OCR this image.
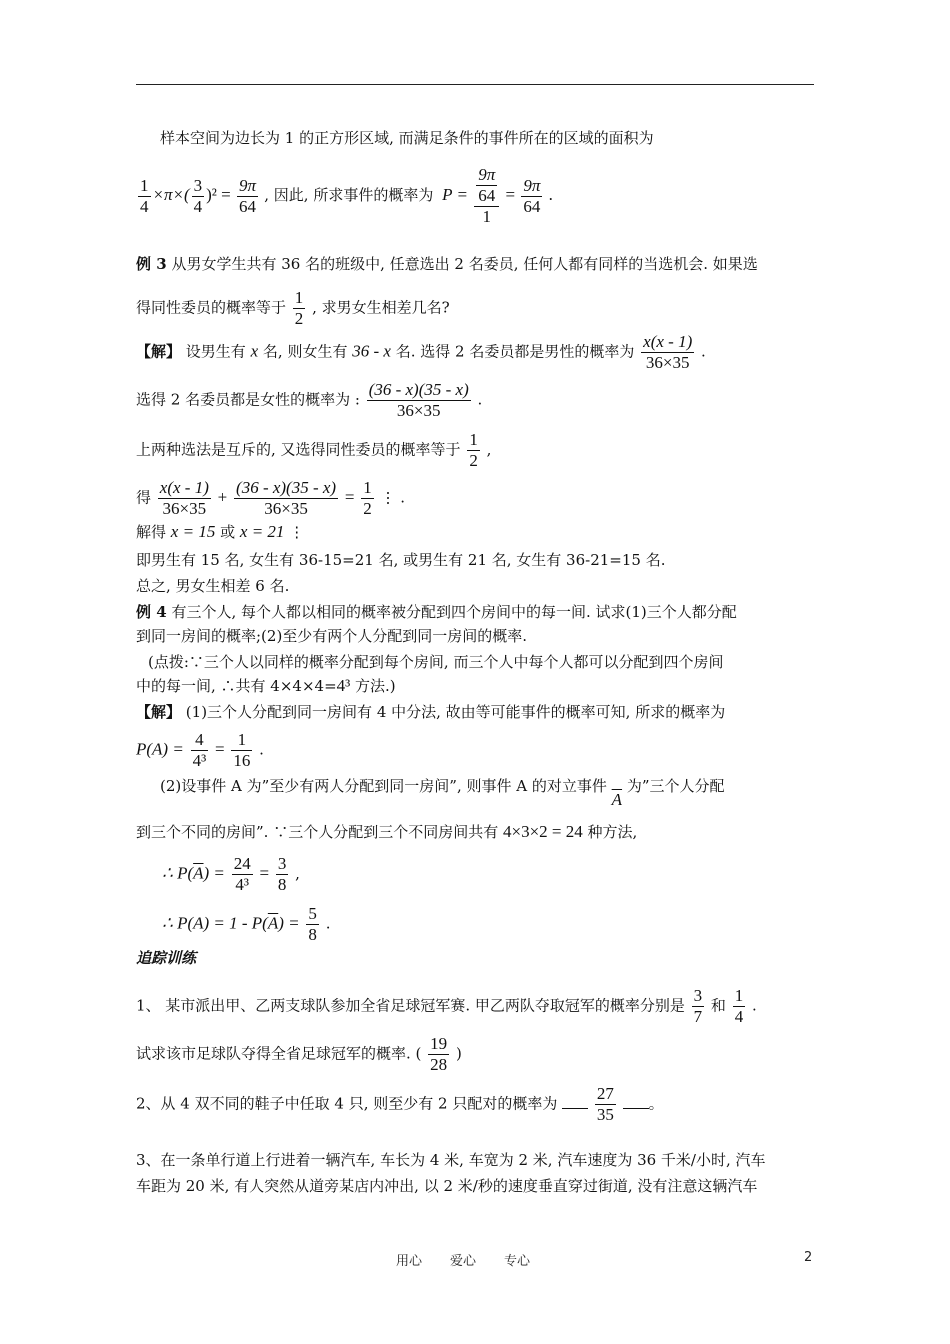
样本空间为边长为 1 的正方形区域, 而满足条件的事件所在的区域的面积为
$\frac{1}{4} \times\pi\times( \frac{3}{4} )^2 = \frac{9\pi}{64}$ , 因此, 所求事件的概率为 $P = \frac{\frac{9\pi}{64}}{1} = \frac{9\pi}{64}$ .
例 3 从男女学生共有 36 名的班级中, 任意选出 2 名委员, 任何人都有同样的当选机会. 如果选
得同性委员的概率等于 $\frac{1}{2}$ , 求男女生相差几名?
【解】 设男生有 x 名, 则女生有 36 - x 名. 选得 2 名委员都是男性的概率为 $\frac{x(x - 1)}{36\times 35}$ .
选得 2 名委员都是女性的概率为 : $\frac{(36 - x)(35 - x)}{36\times 35}$ .
上两种选法是互斥的, 又选得同性委员的概率等于 $\frac{1}{2}$ ,
得 $\frac{x(x - 1)}{36\times 35} + \frac{(36 - x)(35 - x)}{36\times 35} = \frac{1}{2}$ ⋮ .
解得 x = 15 或 x = 21 ⋮
即男生有 15 名, 女生有 36-15=21 名, 或男生有 21 名, 女生有 36-21=15 名.
总之, 男女生相差 6 名.
例 4 有三个人, 每个人都以相同的概率被分配到四个房间中的每一间. 试求(1)三个人都分配
到同一房间的概率;(2)至少有两个人分配到同一房间的概率.
(点拨:∵三个人以同样的概率分配到每个房间, 而三个人中每个人都可以分配到四个房间
中的每一间, ∴共有 4×4×4=4³ 方法.)
【解】 (1)三个人分配到同一房间有 4 中分法, 故由等可能事件的概率可知, 所求的概率为
$P(A) = \frac{4}{\text{4³}} = \frac{1}{16}$ .
(2)设事件 A 为”至少有两人分配到同一房间”, 则事件 A 的对立事件 $\overline{A}$ 为”三个人分配
到三个不同的房间”. ∵三个人分配到三个不同房间共有 4×3×2 = 24 种方法,
∴ $P(\overline{A}) = \frac{24}{\text{4³}} = \frac{3}{8}$ ,
∴ $P(A) = 1 - P(\overline{A}) = \frac{5}{8}$ .
追踪训练
1、 某市派出甲、乙两支球队参加全省足球冠军赛. 甲乙两队夺取冠军的概率分别是 $\frac{3}{7}$ 和 $\frac{1}{4}$ .
试求该市足球队夺得全省足球冠军的概率. ( $\frac{19}{28}$ )
2、从 4 双不同的鞋子中任取 4 只, 则至少有 2 只配对的概率为 $\frac{27}{35}$ 。
3、在一条单行道上行进着一辆汽车, 车长为 4 米, 车宽为 2 米, 汽车速度为 36 千米/小时, 汽车
车距为 20 米, 有人突然从道旁某店内冲出, 以 2 米/秒的速度垂直穿过街道, 没有注意这辆汽车
用心 爱心 专心	2
